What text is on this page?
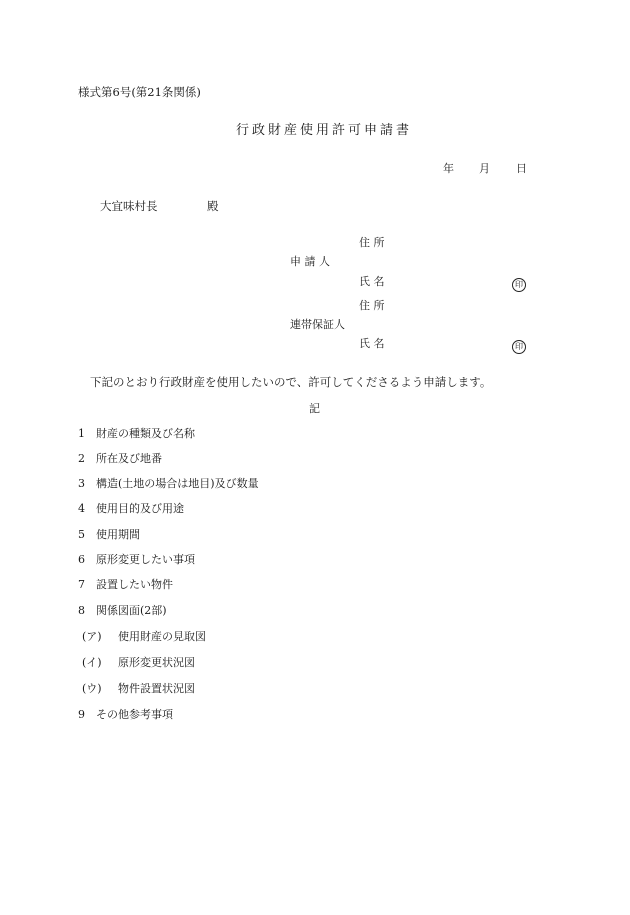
様式第6号(第21条関係)
行政財産使用許可申請書
年 月 日
大宜味村長	殿
住 所
申 請 人
氏 名	印
住 所
連帯保証人
氏 名	印
下記のとおり行政財産を使用したいので、許可してくださるよう申請します。
記
1 財産の種類及び名称
2 所在及び地番
3 構造(土地の場合は地目)及び数量
4 使用目的及び用途
5 使用期間
6 原形変更したい事項
7 設置したい物件
8 関係図面(2部)
(ア) 使用財産の見取図
(イ) 原形変更状況図
(ウ) 物件設置状況図
9 その他参考事項
